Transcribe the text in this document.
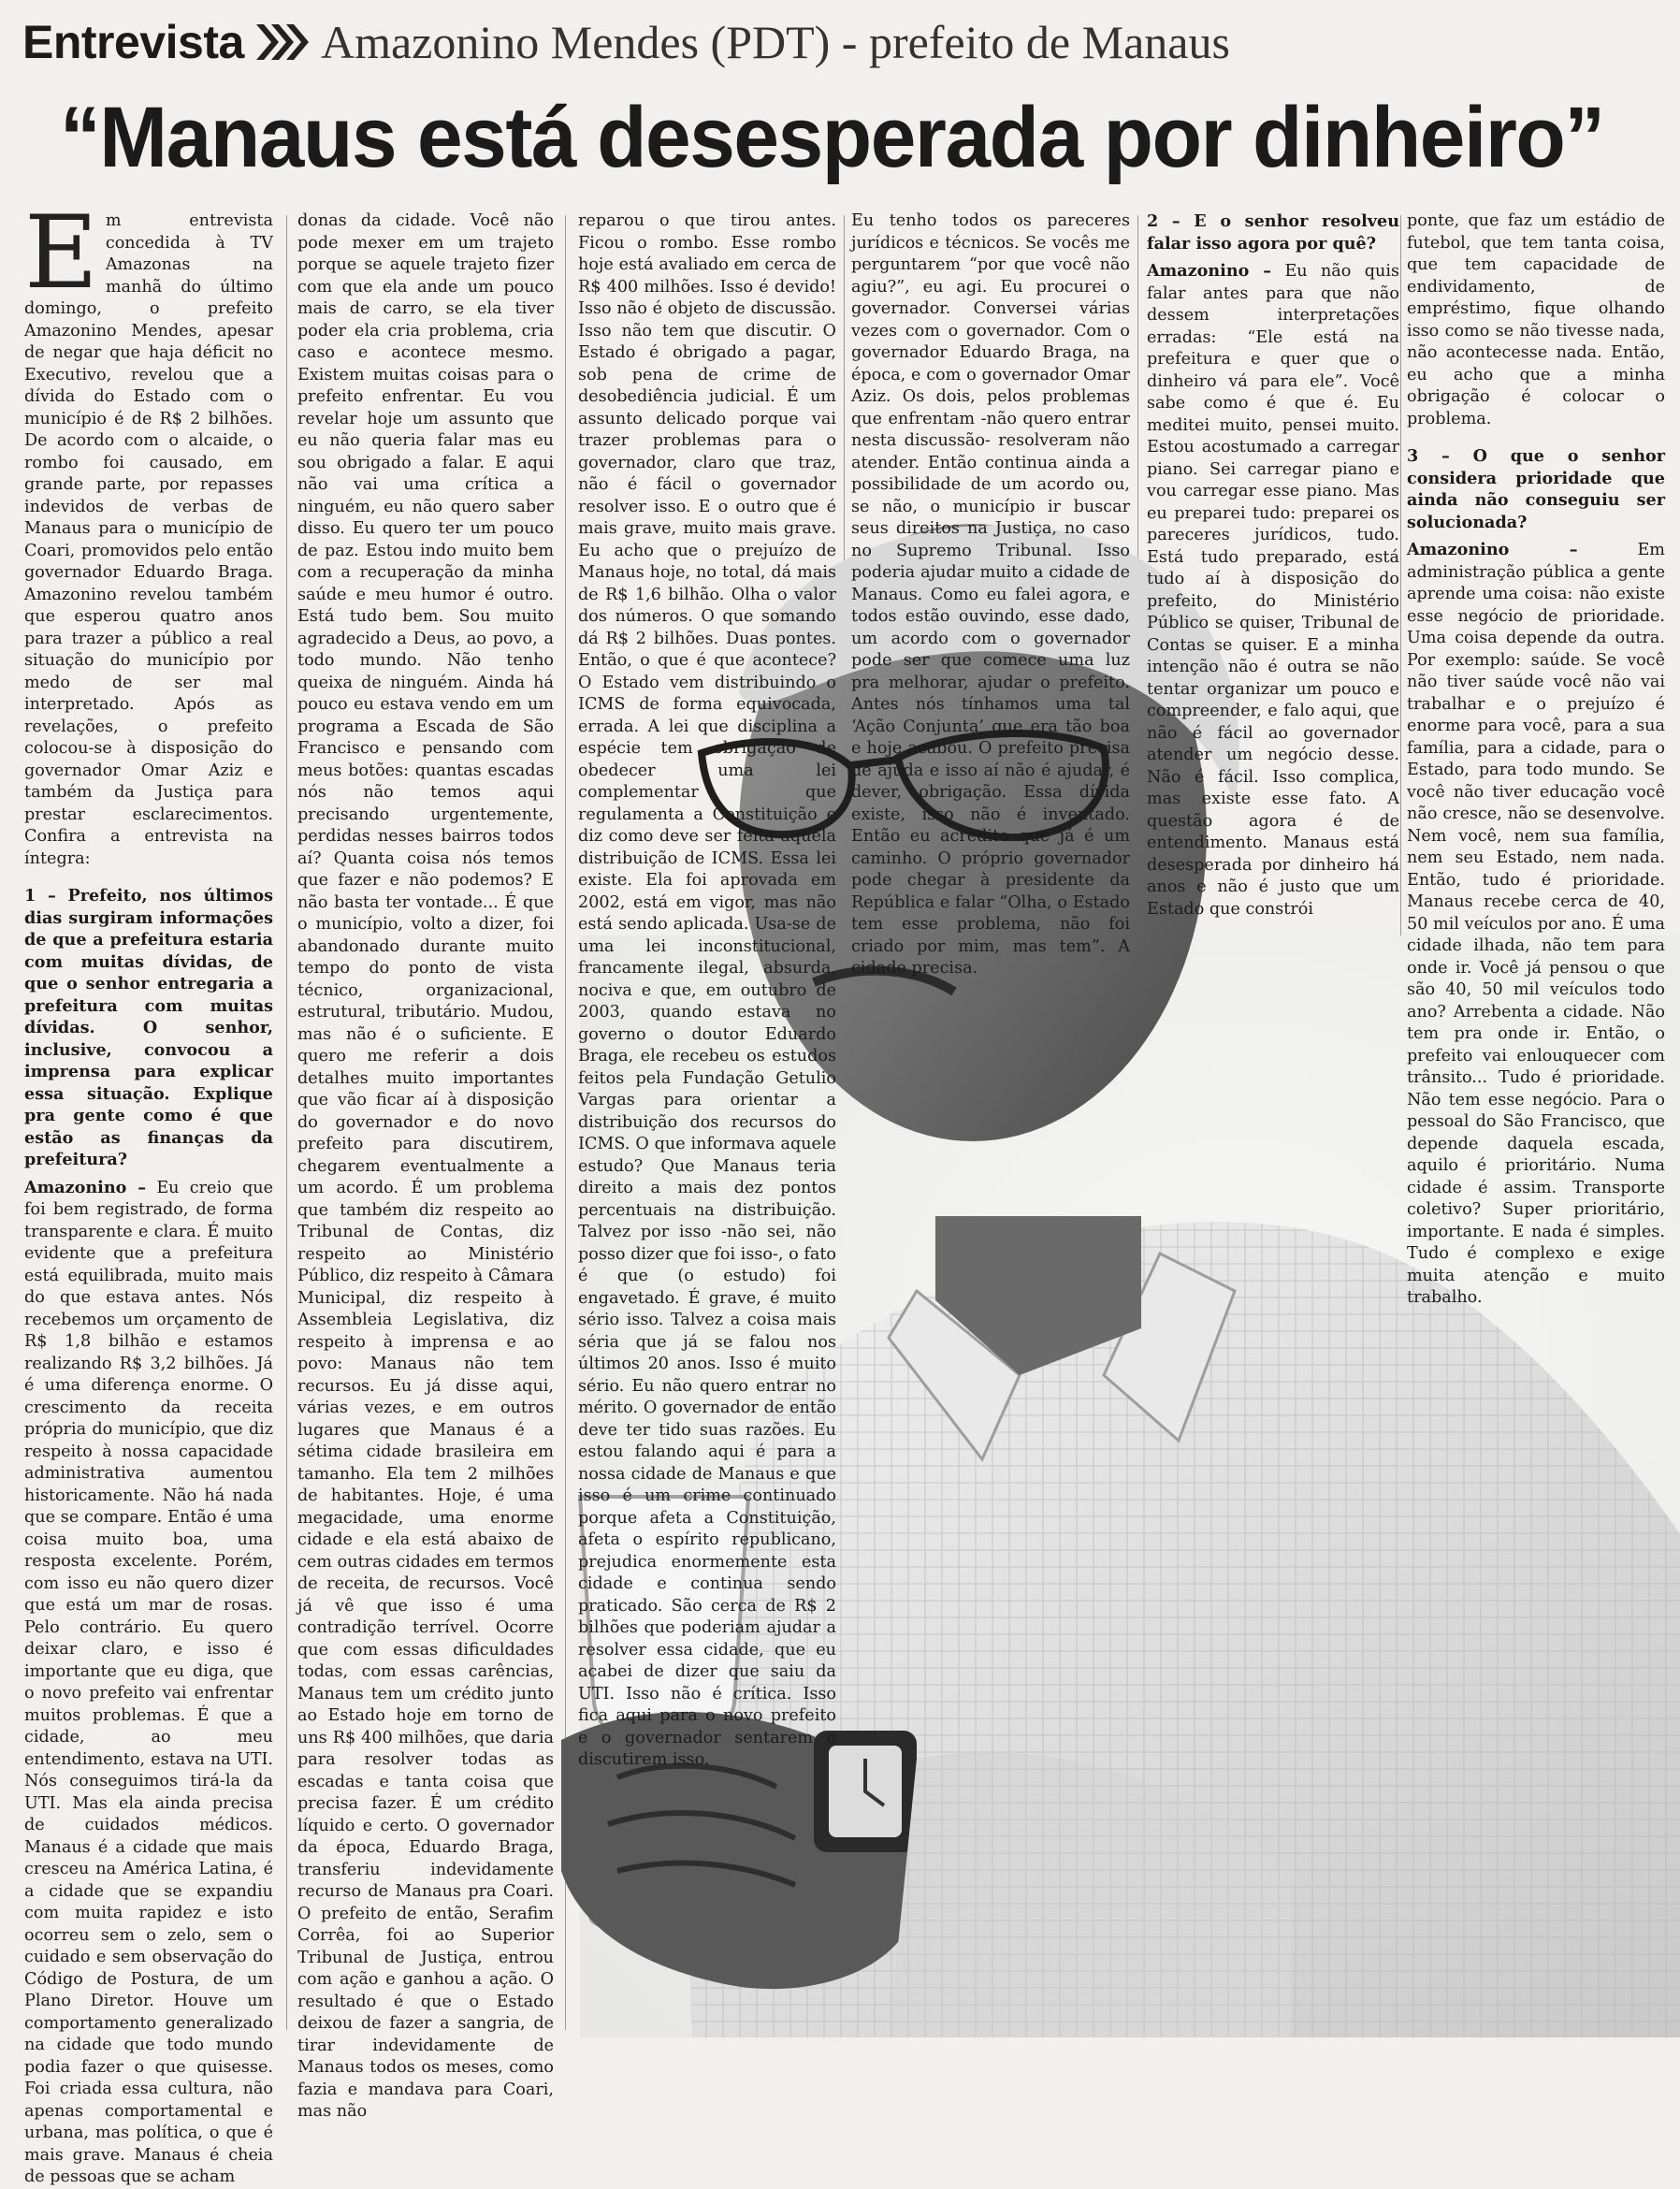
Entrevista Amazonino Mendes (PDT) - prefeito de Manaus
“Manaus está desesperada por dinheiro”

Em entrevista concedida à TV Amazonas na manhã do último domingo, o prefeito Amazonino Mendes, apesar de negar que haja déficit no Executivo, revelou que a dívida do Estado com o município é de R$ 2 bilhões. De acordo com o alcaide, o rombo foi causado, em grande parte, por repasses indevidos de verbas de Manaus para o município de Coari, promovidos pelo então governador Eduardo Braga. Amazonino revelou também que esperou quatro anos para trazer a público a real situação do município por medo de ser mal interpretado. Após as revelações, o prefeito colocou-se à disposição do governador Omar Aziz e também da Justiça para prestar esclarecimentos. Confira a entrevista na íntegra:

1 – Prefeito, nos últimos dias surgiram informações de que a prefeitura estaria com muitas dívidas, de que o senhor entregaria a prefeitura com muitas dívidas. O senhor, inclusive, convocou a imprensa para explicar essa situação. Explique pra gente como é que estão as finanças da prefeitura?

Amazonino – Eu creio que foi bem registrado, de forma transparente e clara. É muito evidente que a prefeitura está equilibrada, muito mais do que estava antes. Nós recebemos um orçamento de R$ 1,8 bilhão e estamos realizando R$ 3,2 bilhões. Já é uma diferença enorme. O crescimento da receita própria do município, que diz respeito à nossa capacidade administrativa aumentou historicamente. Não há nada que se compare. Então é uma coisa muito boa, uma resposta excelente. Porém, com isso eu não quero dizer que está um mar de rosas. Pelo contrário. Eu quero deixar claro, e isso é importante que eu diga, que o novo prefeito vai enfrentar muitos problemas. É que a cidade, ao meu entendimento, estava na UTI. Nós conseguimos tirá-la da UTI. Mas ela ainda precisa de cuidados médicos. Manaus é a cidade que mais cresceu na América Latina, é a cidade que se expandiu com muita rapidez e isto ocorreu sem o zelo, sem o cuidado e sem observação do Código de Postura, de um Plano Diretor. Houve um comportamento generalizado na cidade que todo mundo podia fazer o que quisesse. Foi criada essa cultura, não apenas comportamental e urbana, mas política, o que é mais grave. Manaus é cheia de pessoas que se acham

donas da cidade. Você não pode mexer em um trajeto porque se aquele trajeto fizer com que ela ande um pouco mais de carro, se ela tiver poder ela cria problema, cria caso e acontece mesmo. Existem muitas coisas para o prefeito enfrentar. Eu vou revelar hoje um assunto que eu não queria falar mas eu sou obrigado a falar. E aqui não vai uma crítica a ninguém, eu não quero saber disso. Eu quero ter um pouco de paz. Estou indo muito bem com a recuperação da minha saúde e meu humor é outro. Está tudo bem. Sou muito agradecido a Deus, ao povo, a todo mundo. Não tenho queixa de ninguém. Ainda há pouco eu estava vendo em um programa a Escada de São Francisco e pensando com meus botões: quantas escadas nós não temos aqui precisando urgentemente, perdidas nesses bairros todos aí? Quanta coisa nós temos que fazer e não podemos? E não basta ter vontade... É que o município, volto a dizer, foi abandonado durante muito tempo do ponto de vista técnico, organizacional, estrutural, tributário. Mudou, mas não é o suficiente. E quero me referir a dois detalhes muito importantes que vão ficar aí à disposição do governador e do novo prefeito para discutirem, chegarem eventualmente a um acordo. É um problema que também diz respeito ao Tribunal de Contas, diz respeito ao Ministério Público, diz respeito à Câmara Municipal, diz respeito à Assembleia Legislativa, diz respeito à imprensa e ao povo: Manaus não tem recursos. Eu já disse aqui, várias vezes, e em outros lugares que Manaus é a sétima cidade brasileira em tamanho. Ela tem 2 milhões de habitantes. Hoje, é uma megacidade, uma enorme cidade e ela está abaixo de cem outras cidades em termos de receita, de recursos. Você já vê que isso é uma contradição terrível. Ocorre que com essas dificuldades todas, com essas carências, Manaus tem um crédito junto ao Estado hoje em torno de uns R$ 400 milhões, que daria para resolver todas as escadas e tanta coisa que precisa fazer. É um crédito líquido e certo. O governador da época, Eduardo Braga, transferiu indevidamente recurso de Manaus pra Coari. O prefeito de então, Serafim Corrêa, foi ao Superior Tribunal de Justiça, entrou com ação e ganhou a ação. O resultado é que o Estado deixou de fazer a sangria, de tirar indevidamente de Manaus todos os meses, como fazia e mandava para Coari, mas não

reparou o que tirou antes. Ficou o rombo. Esse rombo hoje está avaliado em cerca de R$ 400 milhões. Isso é devido! Isso não é objeto de discussão. Isso não tem que discutir. O Estado é obrigado a pagar, sob pena de crime de desobediência judicial. É um assunto delicado porque vai trazer problemas para o governador, claro que traz, não é fácil o governador resolver isso. E o outro que é mais grave, muito mais grave. Eu acho que o prejuízo de Manaus hoje, no total, dá mais de R$ 1,6 bilhão. Olha o valor dos números. O que somando dá R$ 2 bilhões. Duas pontes. Então, o que é que acontece? O Estado vem distribuindo o ICMS de forma equivocada, errada. A lei que disciplina a espécie tem obrigação de obedecer uma lei complementar que regulamenta a Constituição e diz como deve ser feita aquela distribuição de ICMS. Essa lei existe. Ela foi aprovada em 2002, está em vigor, mas não está sendo aplicada. Usa-se de uma lei inconstitucional, francamente ilegal, absurda, nociva e que, em outubro de 2003, quando estava no governo o doutor Eduardo Braga, ele recebeu os estudos feitos pela Fundação Getulio Vargas para orientar a distribuição dos recursos do ICMS. O que informava aquele estudo? Que Manaus teria direito a mais dez pontos percentuais na distribuição. Talvez por isso -não sei, não posso dizer que foi isso-, o fato é que (o estudo) foi engavetado. É grave, é muito sério isso. Talvez a coisa mais séria que já se falou nos últimos 20 anos. Isso é muito sério. Eu não quero entrar no mérito. O governador de então deve ter tido suas razões. Eu estou falando aqui é para a nossa cidade de Manaus e que isso é um crime continuado porque afeta a Constituição, afeta o espírito republicano, prejudica enormemente esta cidade e continua sendo praticado. São cerca de R$ 2 bilhões que poderiam ajudar a resolver essa cidade, que eu acabei de dizer que saiu da UTI. Isso não é crítica. Isso fica aqui para o novo prefeito e o governador sentarem e discutirem isso.

Eu tenho todos os pareceres jurídicos e técnicos. Se vocês me perguntarem “por que você não agiu?”, eu agi. Eu procurei o governador. Conversei várias vezes com o governador. Com o governador Eduardo Braga, na época, e com o governador Omar Aziz. Os dois, pelos problemas que enfrentam -não quero entrar nesta discussão- resolveram não atender. Então continua ainda a possibilidade de um acordo ou, se não, o município ir buscar seus direitos na Justiça, no caso no Supremo Tribunal. Isso poderia ajudar muito a cidade de Manaus. Como eu falei agora, e todos estão ouvindo, esse dado, um acordo com o governador pode ser que comece uma luz pra melhorar, ajudar o prefeito. Antes nós tínhamos uma tal ‘Ação Conjunta’ que era tão boa e hoje acabou. O prefeito precisa de ajuda e isso aí não é ajudar, é dever, obrigação. Essa dívida existe, isso não é inventado. Então eu acredito que já é um caminho. O próprio governador pode chegar à presidente da República e falar “Olha, o Estado tem esse problema, não foi criado por mim, mas tem”. A cidade precisa.

2 – E o senhor resolveu falar isso agora por quê?

Amazonino – Eu não quis falar antes para que não dessem interpretações erradas: “Ele está na prefeitura e quer que o dinheiro vá para ele”. Você sabe como é que é. Eu meditei muito, pensei muito. Estou acostumado a carregar piano. Sei carregar piano e vou carregar esse piano. Mas eu preparei tudo: preparei os pareceres jurídicos, tudo. Está tudo preparado, está tudo aí à disposição do prefeito, do Ministério Público se quiser, Tribunal de Contas se quiser. E a minha intenção não é outra se não tentar organizar um pouco e compreender, e falo aqui, que não é fácil ao governador atender um negócio desse. Não é fácil. Isso complica, mas existe esse fato. A questão agora é de entendimento. Manaus está desesperada por dinheiro há anos e não é justo que um Estado que constrói

ponte, que faz um estádio de futebol, que tem tanta coisa, que tem capacidade de endividamento, de empréstimo, fique olhando isso como se não tivesse nada, não acontecesse nada. Então, eu acho que a minha obrigação é colocar o problema.

3 – O que o senhor considera prioridade que ainda não conseguiu ser solucionada?

Amazonino –	Em administração pública a gente aprende uma coisa: não existe esse negócio de prioridade. Uma coisa depende da outra. Por exemplo: saúde. Se você não tiver saúde você não vai trabalhar e o prejuízo é enorme para você, para a sua família, para a cidade, para o Estado, para todo mundo. Se você não tiver educação você não cresce, não se desenvolve. Nem você, nem sua família, nem seu Estado, nem nada. Então, tudo é prioridade. Manaus recebe cerca de 40, 50 mil veículos por ano. É uma cidade ilhada, não tem para onde ir. Você já pensou o que são 40, 50 mil veículos todo ano? Arrebenta a cidade. Não tem pra onde ir. Então, o prefeito vai enlouquecer com trânsito... Tudo é prioridade. Não tem esse negócio. Para o pessoal do São Francisco, que depende daquela escada, aquilo é prioritário. Numa cidade é assim. Transporte coletivo? Super prioritário, importante. E nada é simples. Tudo é complexo e exige muita atenção e muito trabalho.
